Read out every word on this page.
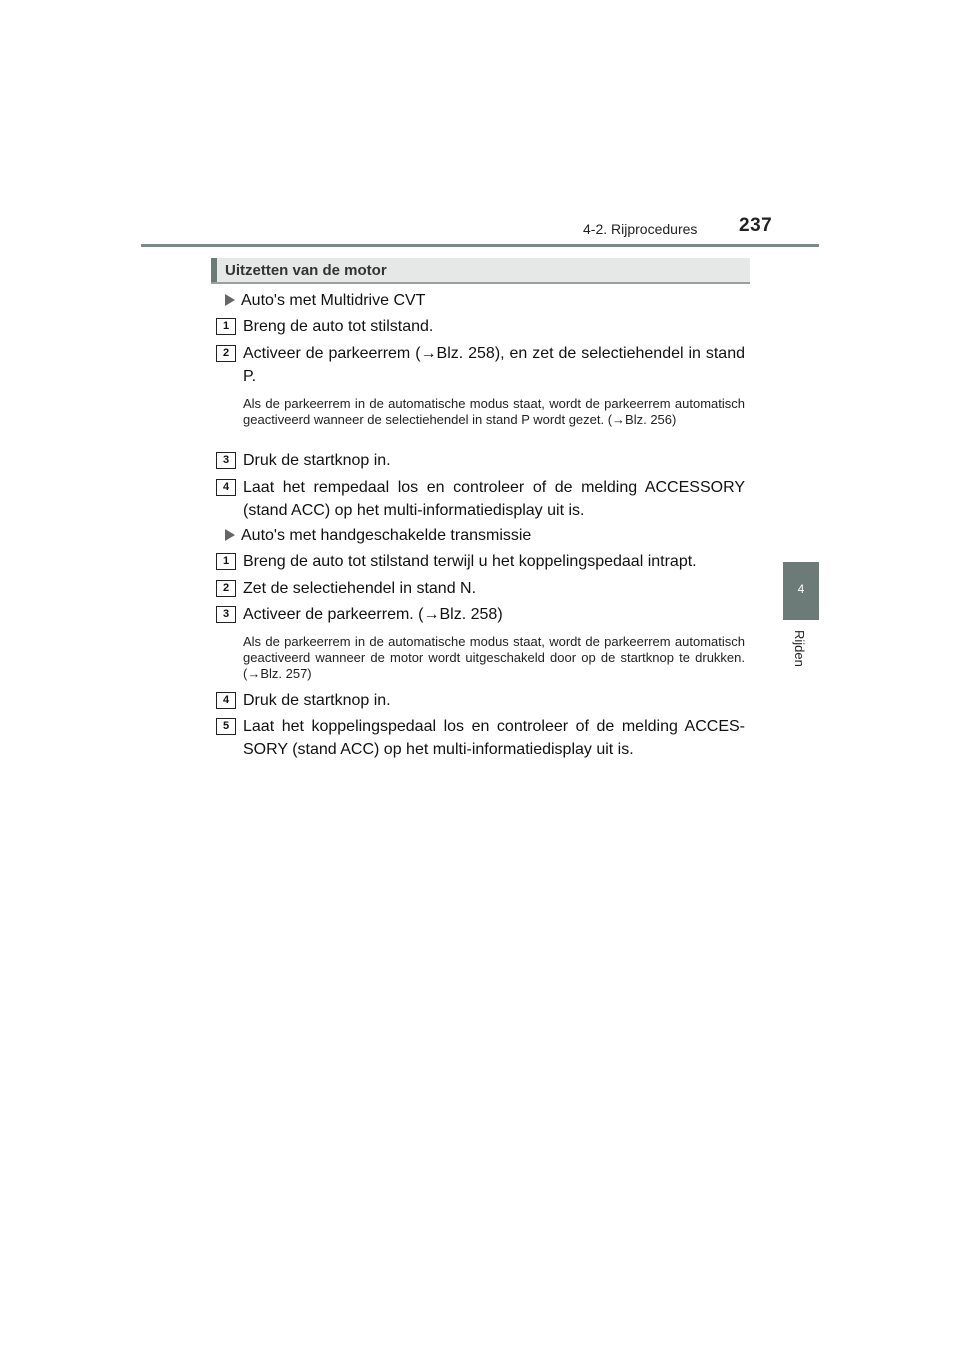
4-2. Rijprocedures 237
4
Rijden
Uitzetten van de motor
Auto's met Multidrive CVT
1 Breng de auto tot stilstand.
2 Activeer de parkeerrem (→Blz. 258), en zet de selectiehendel in stand P.
Als de parkeerrem in de automatische modus staat, wordt de parkeerrem automatisch geactiveerd wanneer de selectiehendel in stand P wordt gezet. (→Blz. 256)
3 Druk de startknop in.
4 Laat het rempedaal los en controleer of de melding ACCESSORY (stand ACC) op het multi-informatiedisplay uit is.
Auto's met handgeschakelde transmissie
1 Breng de auto tot stilstand terwijl u het koppelingspedaal intrapt.
2 Zet de selectiehendel in stand N.
3 Activeer de parkeerrem. (→Blz. 258)
Als de parkeerrem in de automatische modus staat, wordt de parkeerrem automatisch geactiveerd wanneer de motor wordt uitgeschakeld door op de startknop te drukken. (→Blz. 257)
4 Druk de startknop in.
5 Laat het koppelingspedaal los en controleer of de melding ACCES-SORY (stand ACC) op het multi-informatiedisplay uit is.
